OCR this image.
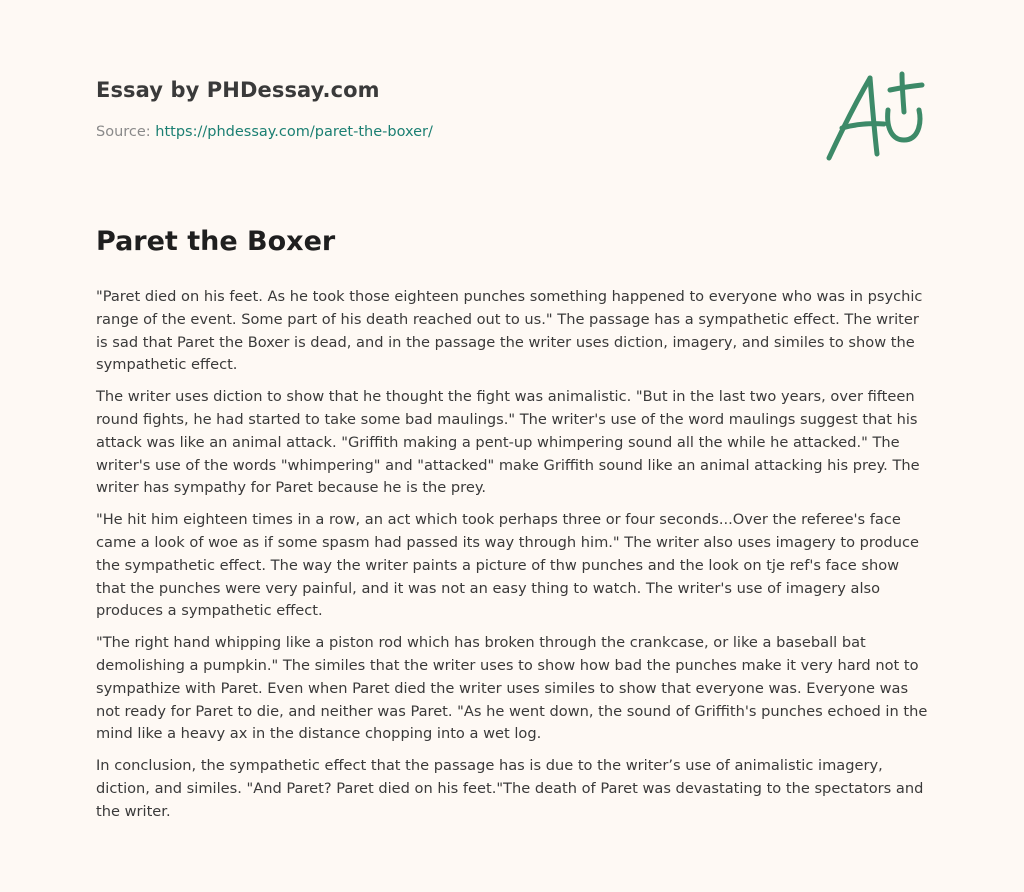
Essay by PHDessay.com
Source: https://phdessay.com/paret-the-boxer/
Paret the Boxer

"Paret died on his feet. As he took those eighteen punches something happened to everyone who was in psychic range of the event. Some part of his death reached out to us." The passage has a sympathetic effect. The writer is sad that Paret the Boxer is dead, and in the passage the writer uses diction, imagery, and similes to show the sympathetic effect.

The writer uses diction to show that he thought the fight was animalistic. "But in the last two years, over fifteen round fights, he had started to take some bad maulings." The writer's use of the word maulings suggest that his attack was like an animal attack. "Griffith making a pent-up whimpering sound all the while he attacked." The writer's use of the words "whimpering" and "attacked" make Griffith sound like an animal attacking his prey. The writer has sympathy for Paret because he is the prey.

"He hit him eighteen times in a row, an act which took perhaps three or four seconds...Over the referee's face came a look of woe as if some spasm had passed its way through him." The writer also uses imagery to produce the sympathetic effect. The way the writer paints a picture of thw punches and the look on tje ref's face show that the punches were very painful, and it was not an easy thing to watch. The writer's use of imagery also produces a sympathetic effect.

"The right hand whipping like a piston rod which has broken through the crankcase, or like a baseball bat demolishing a pumpkin." The similes that the writer uses to show how bad the punches make it very hard not to sympathize with Paret. Even when Paret died the writer uses similes to show that everyone was. Everyone was not ready for Paret to die, and neither was Paret. "As he went down, the sound of Griffith's punches echoed in the mind like a heavy ax in the distance chopping into a wet log.

In conclusion, the sympathetic effect that the passage has is due to the writer’s use of animalistic imagery, diction, and similes. "And Paret? Paret died on his feet."The death of Paret was devastating to the spectators and the writer.
